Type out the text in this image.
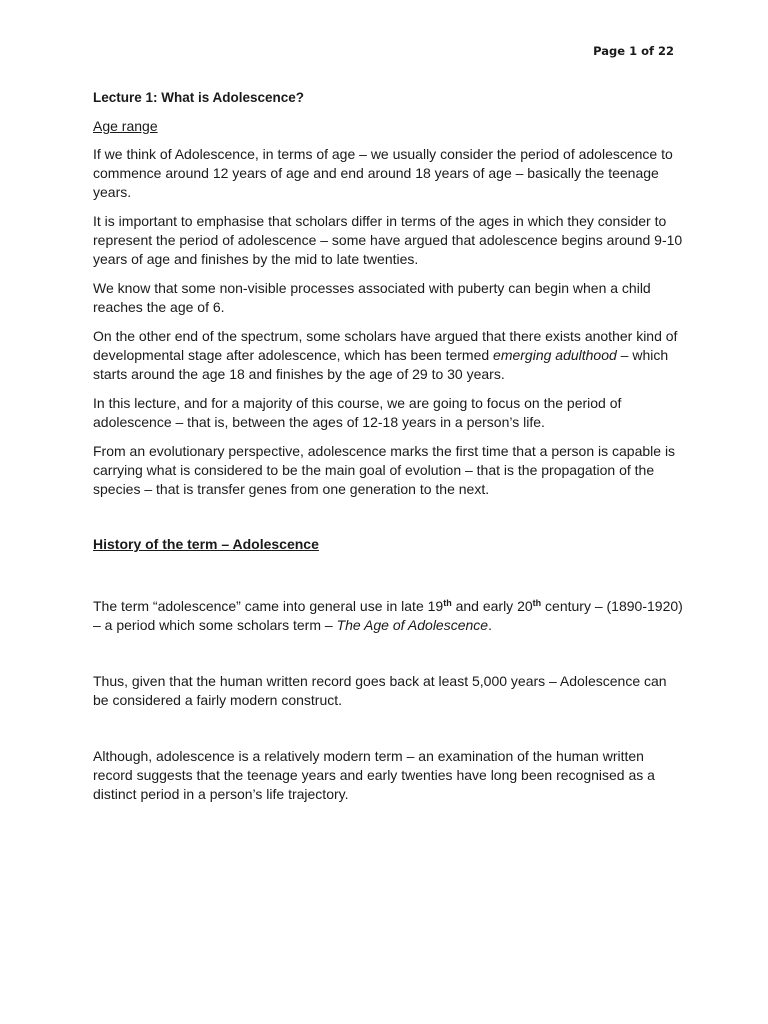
Page 1 of 22
Lecture 1: What is Adolescence?
Age range

If we think of Adolescence, in terms of age – we usually consider the period of adolescence to commence around 12 years of age and end around 18 years of age – basically the teenage years.

It is important to emphasise that scholars differ in terms of the ages in which they consider to represent the period of adolescence – some have argued that adolescence begins around 9-10 years of age and finishes by the mid to late twenties.

We know that some non-visible processes associated with puberty can begin when a child reaches the age of 6.

On the other end of the spectrum, some scholars have argued that there exists another kind of developmental stage after adolescence, which has been termed emerging adulthood – which starts around the age 18 and finishes by the age of 29 to 30 years.

In this lecture, and for a majority of this course, we are going to focus on the period of adolescence – that is, between the ages of 12-18 years in a person’s life.

From an evolutionary perspective, adolescence marks the first time that a person is capable is carrying what is considered to be the main goal of evolution – that is the propagation of the species – that is transfer genes from one generation to the next.

History of the term – Adolescence

The term “adolescence” came into general use in late 19th and early 20th century – (1890-1920) – a period which some scholars term – The Age of Adolescence.

Thus, given that the human written record goes back at least 5,000 years – Adolescence can be considered a fairly modern construct.

Although, adolescence is a relatively modern term – an examination of the human written record suggests that the teenage years and early twenties have long been recognised as a distinct period in a person’s life trajectory.
